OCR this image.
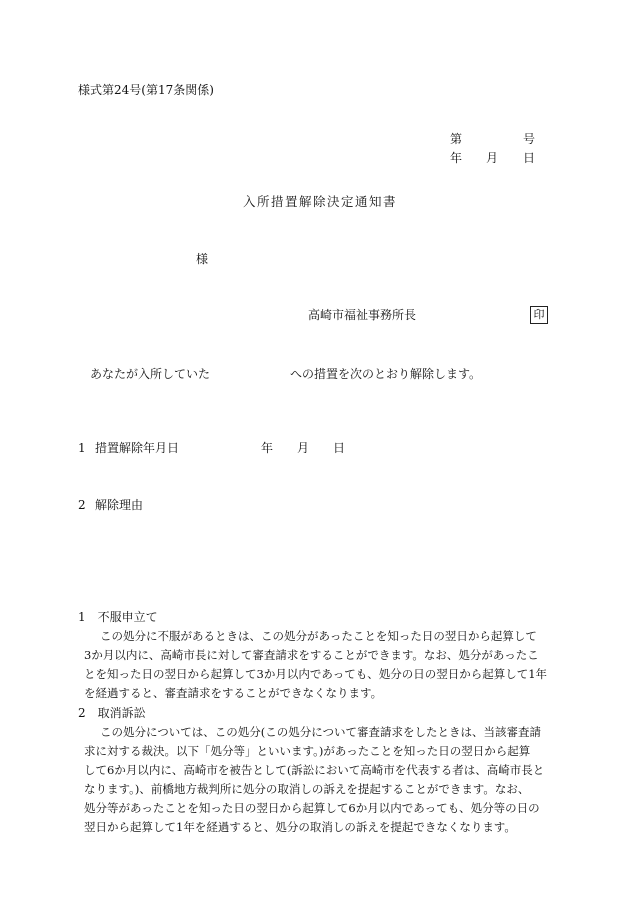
様式第24号(第17条関係)
第	号
年 月 日
入所措置解除決定通知書
様
高崎市福祉事務所長	印
あなたが入所していた	への措置を次のとおり解除します。
1 措置解除年月日	年 月 日
2 解除理由
1　不服申立て
この処分に不服があるときは、この処分があったことを知った日の翌日から起算して
3か月以内に、高崎市長に対して審査請求をすることができます。なお、処分があったこ
とを知った日の翌日から起算して3か月以内であっても、処分の日の翌日から起算して1年
を経過すると、審査請求をすることができなくなります。
2　取消訴訟
この処分については、この処分(この処分について審査請求をしたときは、当該審査請
求に対する裁決。以下「処分等」といいます。)があったことを知った日の翌日から起算
して6か月以内に、高崎市を被告として(訴訟において高崎市を代表する者は、高崎市長と
なります。)、前橋地方裁判所に処分の取消しの訴えを提起することができます。なお、
処分等があったことを知った日の翌日から起算して6か月以内であっても、処分等の日の
翌日から起算して1年を経過すると、処分の取消しの訴えを提起できなくなります。
